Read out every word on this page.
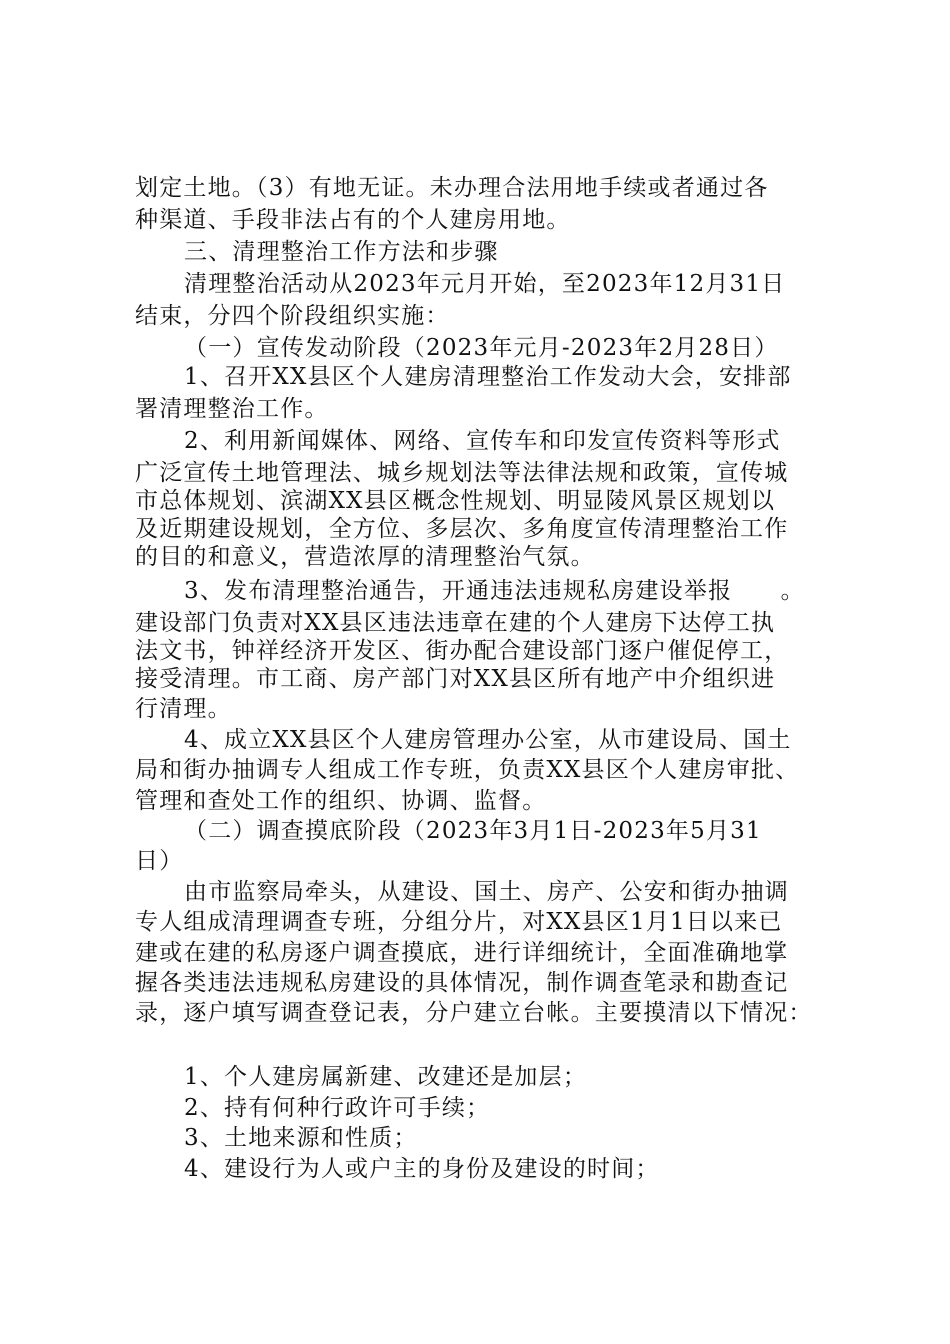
划定土地。（3）有地无证。未办理合法用地手续或者通过各
种渠道、手段非法占有的个人建房用地。
三、清理整治工作方法和步骤
清理整治活动从2023年元月开始，至2023年12月31日
结束，分四个阶段组织实施：
（一）宣传发动阶段（2023年元月-2023年2月28日）
1、召开XX县区个人建房清理整治工作发动大会，安排部
署清理整治工作。
2、利用新闻媒体、网络、宣传车和印发宣传资料等形式
广泛宣传土地管理法、城乡规划法等法律法规和政策，宣传城
市总体规划、滨湖XX县区概念性规划、明显陵风景区规划以
及近期建设规划，全方位、多层次、多角度宣传清理整治工作
的目的和意义，营造浓厚的清理整治气氛。
3、发布清理整治通告，开通违法违规私房建设举报　　。
建设部门负责对XX县区违法违章在建的个人建房下达停工执
法文书，钟祥经济开发区、街办配合建设部门逐户催促停工，
接受清理。市工商、房产部门对XX县区所有地产中介组织进
行清理。
4、成立XX县区个人建房管理办公室，从市建设局、国土
局和街办抽调专人组成工作专班，负责XX县区个人建房审批、
管理和查处工作的组织、协调、监督。
（二）调查摸底阶段（2023年3月1日-2023年5月31
日）
由市监察局牵头，从建设、国土、房产、公安和街办抽调
专人组成清理调查专班，分组分片，对XX县区1月1日以来已
建或在建的私房逐户调查摸底，进行详细统计，全面准确地掌
握各类违法违规私房建设的具体情况，制作调查笔录和勘查记
录，逐户填写调查登记表，分户建立台帐。主要摸清以下情况：
1、个人建房属新建、改建还是加层；
2、持有何种行政许可手续；
3、土地来源和性质；
4、建设行为人或户主的身份及建设的时间；
